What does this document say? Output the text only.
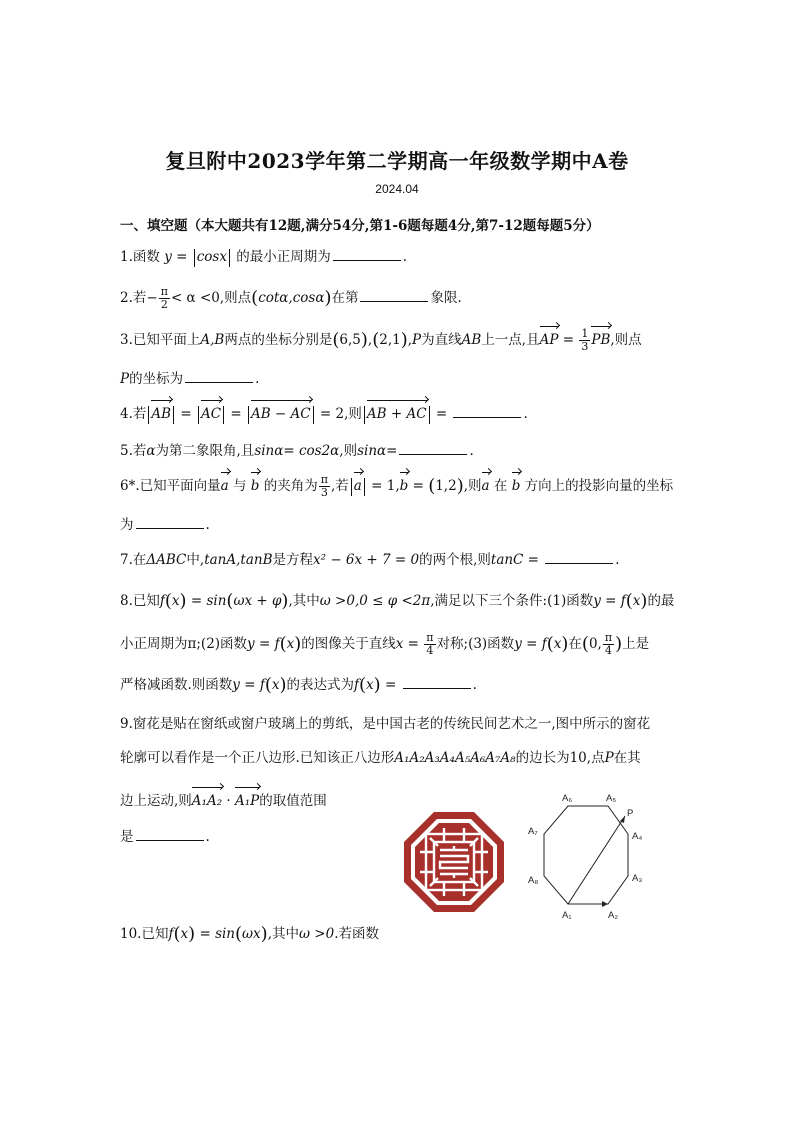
复旦附中2023学年第二学期高一年级数学期中A卷
2024.04
一、填空题（本大题共有12题,满分54分,第1-6题每题4分,第7-12题每题5分）
1.函数 y = cosx 的最小正周期为	.
2.若− $\frac{\pi}{2} < \alpha <0$,则点(cotα,cosα)在第	象限.
3.已知平面上A,B两点的坐标分别是(6,5),(2,1),P为直线AB上一点,且AP = $\frac{1}{3}$ PB,则点
P的坐标为	.
4.若 AB = AC = AB − AC = 2,则 AB + AC =	.
5.若α为第二象限角,且sinα= cos2α,则sinα=	.
6*.已知平面向量a 与 b 的夹角为 $\frac{\pi}{3}$ ,若 a = 1,b = (1,2),则a 在 b 方向上的投影向量的坐标
为	.
7.在ΔABC中,tanA,tanB是方程x² − 6x + 7 = 0的两个根,则tanC =	.
8.已知f(x) = sin(ωx + φ),其中ω >0,0 ≤ φ <2π,满足以下三个条件:(1)函数y = f(x)的最
小正周期为π;(2)函数y = f(x)的图像关于直线$x = \frac{\pi}{4}$ 对称;(3)函数y = f(x)在(0, $\frac{\pi}{4}$ )上是
严格减函数.则函数y = f(x)的表达式为f(x) =	.
9.窗花是贴在窗纸或窗户玻璃上的剪纸，是中国古老的传统民间艺术之一,图中所示的窗花
轮廓可以看作是一个正八边形.已知该正八边形A₁A₂A₃A₄A₅A₆A₇A₈的边长为10,点P在其
边上运动,则A₁A₂ · A₁P的取值范围
是	.
A₁	A₂
A₃
A₄
A₅
A₆
A₇
A₈
P
10.已知f(x) = sin(ωx),其中ω >0.若函数
